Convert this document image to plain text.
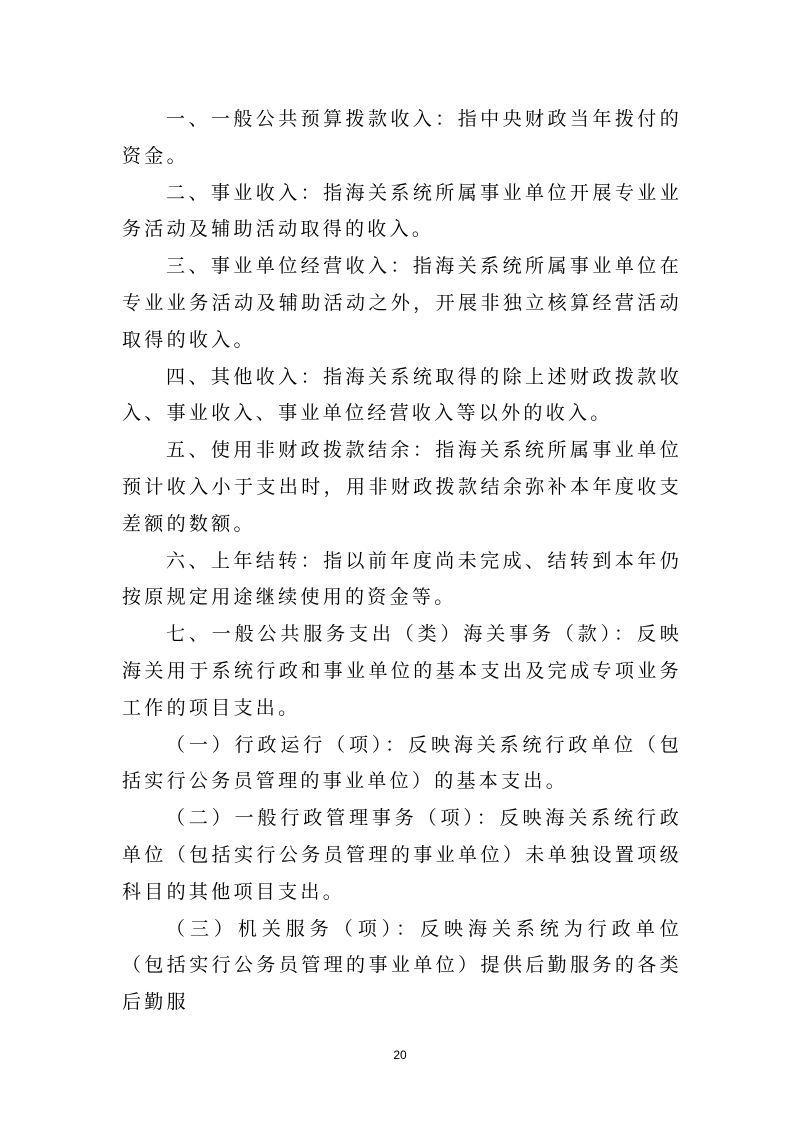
一、一般公共预算拨款收入：指中央财政当年拨付的资金。

二、事业收入：指海关系统所属事业单位开展专业业务活动及辅助活动取得的收入。

三、事业单位经营收入：指海关系统所属事业单位在专业业务活动及辅助活动之外，开展非独立核算经营活动取得的收入。

四、其他收入：指海关系统取得的除上述财政拨款收入、事业收入、事业单位经营收入等以外的收入。

五、使用非财政拨款结余：指海关系统所属事业单位预计收入小于支出时，用非财政拨款结余弥补本年度收支差额的数额。

六、上年结转：指以前年度尚未完成、结转到本年仍按原规定用途继续使用的资金等。

七、一般公共服务支出（类）海关事务（款）：反映海关用于系统行政和事业单位的基本支出及完成专项业务工作的项目支出。

（一）行政运行（项）：反映海关系统行政单位（包括实行公务员管理的事业单位）的基本支出。

（二）一般行政管理事务（项）：反映海关系统行政单位（包括实行公务员管理的事业单位）未单独设置项级科目的其他项目支出。

（三）机关服务（项）：反映海关系统为行政单位（包括实行公务员管理的事业单位）提供后勤服务的各类后勤服

20
